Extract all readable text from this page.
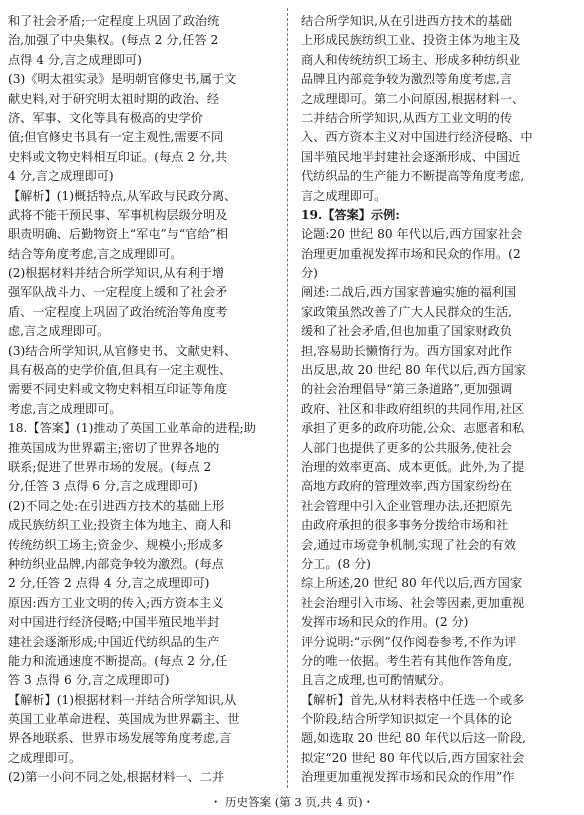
和了社会矛盾;一定程度上巩固了政治统
治,加强了中央集权。(每点 2 分,任答 2
点得 4 分,言之成理即可)
(3)《明太祖实录》是明朝官修史书,属于文
献史料,对于研究明太祖时期的政治、经
济、军事、文化等具有极高的史学价
值;但官修史书具有一定主观性,需要不同
史料或文物史料相互印证。(每点 2 分,共
4 分,言之成理即可)
【解析】(1)概括特点,从军政与民政分离、
武将不能干预民事、军事机构层级分明及
职责明确、后勤物资上“军屯”与“官给”相
结合等角度考虑,言之成理即可。
(2)根据材料并结合所学知识,从有利于增
强军队战斗力、一定程度上缓和了社会矛
盾、一定程度上巩固了政治统治等角度考
虑,言之成理即可。
(3)结合所学知识,从官修史书、文献史料、
具有极高的史学价值,但具有一定主观性、
需要不同史料或文物史料相互印证等角度
考虑,言之成理即可。
18.【答案】(1)推动了英国工业革命的进程;助
推英国成为世界霸主;密切了世界各地的
联系;促进了世界市场的发展。(每点 2
分,任答 3 点得 6 分,言之成理即可)
(2)不同之处:在引进西方技术的基础上形
成民族纺织工业;投资主体为地主、商人和
传统纺织工场主;资金少、规模小;形成多
种纺织业品牌,内部竞争较为激烈。(每点
2 分,任答 2 点得 4 分,言之成理即可)
原因:西方工业文明的传入;西方资本主义
对中国进行经济侵略;中国半殖民地半封
建社会逐渐形成;中国近代纺织品的生产
能力和流通速度不断提高。(每点 2 分,任
答 3 点得 6 分,言之成理即可)
【解析】(1)根据材料一并结合所学知识,从
英国工业革命进程、英国成为世界霸主、世
界各地联系、世界市场发展等角度考虑,言
之成理即可。
(2)第一小问不同之处,根据材料一、二并
结合所学知识,从在引进西方技术的基础
上形成民族纺织工业、投资主体为地主及
商人和传统纺织工场主、形成多种纺织业
品牌且内部竞争较为激烈等角度考虑,言
之成理即可。第二小问原因,根据材料一、
二并结合所学知识,从西方工业文明的传
入、西方资本主义对中国进行经济侵略、中
国半殖民地半封建社会逐渐形成、中国近
代纺织品的生产能力不断提高等角度考虑,
言之成理即可。
19.【答案】示例:
论题:20 世纪 80 年代以后,西方国家社会
治理更加重视发挥市场和民众的作用。(2
分)
阐述:二战后,西方国家普遍实施的福利国
家政策虽然改善了广大人民群众的生活,
缓和了社会矛盾,但也加重了国家财政负
担,容易助长懒惰行为。西方国家对此作
出反思,故 20 世纪 80 年代以后,西方国家
的社会治理倡导“第三条道路”,更加强调
政府、社区和非政府组织的共同作用,社区
承担了更多的政府功能,公众、志愿者和私
人部门也提供了更多的公共服务,使社会
治理的效率更高、成本更低。此外,为了提
高地方政府的管理效率,西方国家纷纷在
社会管理中引入企业管理办法,还把原先
由政府承担的很多事务分拨给市场和社
会,通过市场竞争机制,实现了社会的有效
分工。(8 分)
综上所述,20 世纪 80 年代以后,西方国家
社会治理引入市场、社会等因素,更加重视
发挥市场和民众的作用。(2 分)
评分说明:“示例”仅作阅卷参考,不作为评
分的唯一依据。考生若有其他作答角度,
且言之成理,也可酌情赋分。
【解析】首先,从材料表格中任选一个或多
个阶段,结合所学知识拟定一个具体的论
题,如选取 20 世纪 80 年代以后这一阶段,
拟定“20 世纪 80 年代以后,西方国家社会
治理更加重视发挥市场和民众的作用”作
・ 历史答案 (第 3 页,共 4 页)・
